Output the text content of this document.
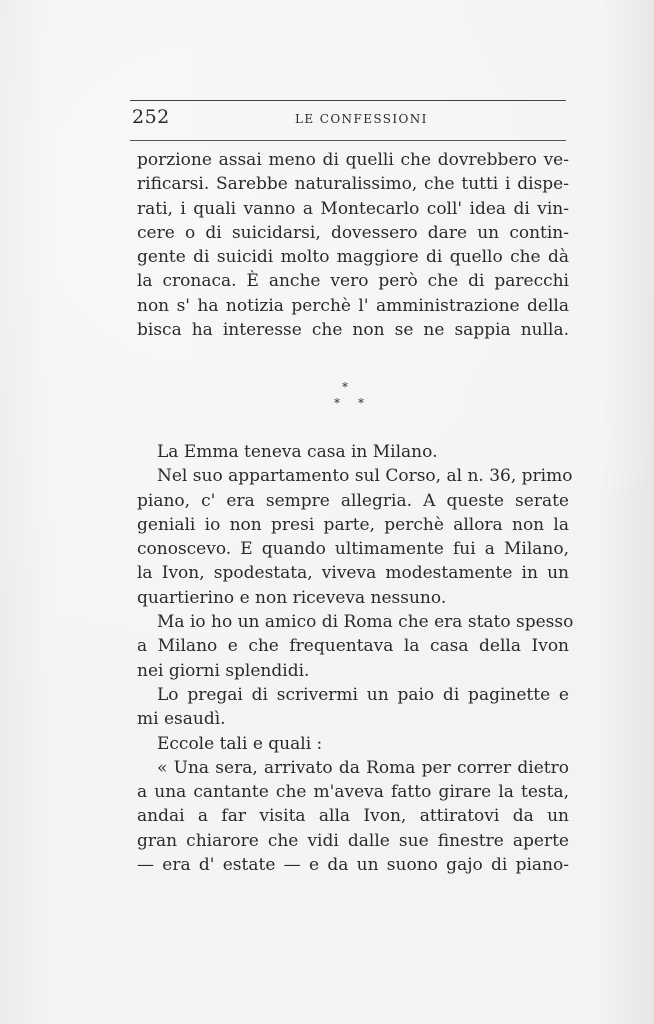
252	LE CONFESSIONI
porzione assai meno di quelli che dovrebbero ve-
rificarsi. Sarebbe naturalissimo, che tutti i dispe-
rati, i quali vanno a Montecarlo coll' idea di vin-
cere o di suicidarsi, dovessero dare un contin-
gente di suicidi molto maggiore di quello che dà
la cronaca. È anche vero però che di parecchi
non s' ha notizia perchè l' amministrazione della
bisca ha interesse che non se ne sappia nulla.
*
* *
La Emma teneva casa in Milano.
Nel suo appartamento sul Corso, al n. 36, primo
piano, c' era sempre allegria. A queste serate
geniali io non presi parte, perchè allora non la
conoscevo. E quando ultimamente fui a Milano,
la Ivon, spodestata, viveva modestamente in un
quartierino e non riceveva nessuno.
Ma io ho un amico di Roma che era stato spesso
a Milano e che frequentava la casa della Ivon
nei giorni splendidi.
Lo pregai di scrivermi un paio di paginette e
mi esaudì.
Eccole tali e quali :
« Una sera, arrivato da Roma per correr dietro
a una cantante che m'aveva fatto girare la testa,
andai a far visita alla Ivon, attiratovi da un
gran chiarore che vidi dalle sue finestre aperte
— era d' estate — e da un suono gajo di piano-
